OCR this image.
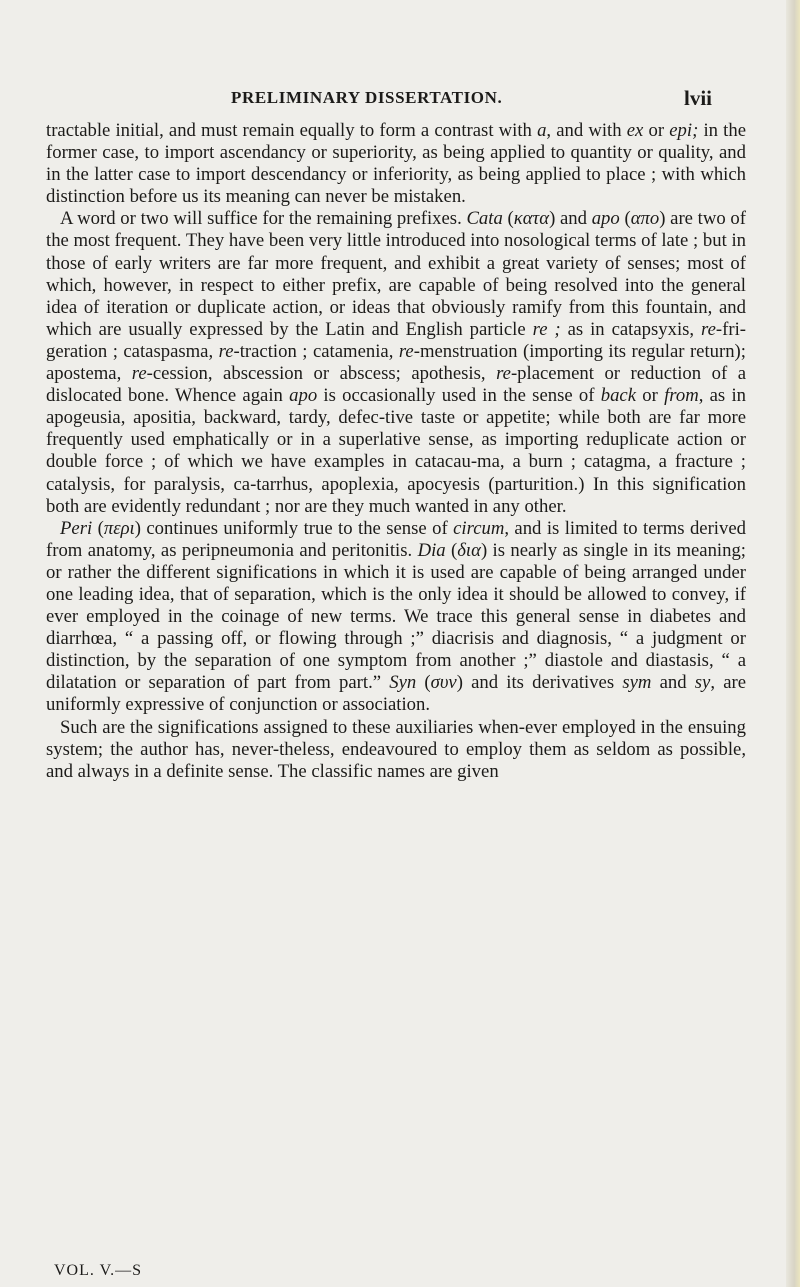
PRELIMINARY DISSERTATION.	lvii

tractable initial, and must remain equally to form a contrast with a, and with ex or epi; in the former case, to import ascendancy or superiority, as being applied to quantity or quality, and in the latter case to import descendancy or inferiority, as being applied to place ; with which distinction before us its meaning can never be mistaken.

A word or two will suffice for the remaining prefixes. Cata (κατα) and apo (απο) are two of the most frequent. They have been very little introduced into nosological terms of late ; but in those of early writers are far more frequent, and exhibit a great variety of senses; most of which, however, in respect to either prefix, are capable of being resolved into the general idea of iteration or duplicate action, or ideas that obviously ramify from this fountain, and which are usually expressed by the Latin and English particle re ; as in catapsyxis, re-fri-geration ; cataspasma, re-traction ; catamenia, re-menstruation (importing its regular return); apostema, re-cession, abscession or abscess; apothesis, re-placement or reduction of a dislocated bone. Whence again apo is occasionally used in the sense of back or from, as in apogeusia, apositia, backward, tardy, defec-tive taste or appetite; while both are far more frequently used emphatically or in a superlative sense, as importing reduplicate action or double force ; of which we have examples in catacau-ma, a burn ; catagma, a fracture ; catalysis, for paralysis, ca-tarrhus, apoplexia, apocyesis (parturition.) In this signification both are evidently redundant ; nor are they much wanted in any other.

Peri (περι) continues uniformly true to the sense of circum, and is limited to terms derived from anatomy, as peripneumonia and peritonitis. Dia (δια) is nearly as single in its meaning; or rather the different significations in which it is used are capable of being arranged under one leading idea, that of separation, which is the only idea it should be allowed to convey, if ever employed in the coinage of new terms. We trace this general sense in diabetes and diarrhœa, “ a passing off, or flowing through ;” diacrisis and diagnosis, “ a judgment or distinction, by the separation of one symptom from another ;” diastole and diastasis, “ a dilatation or separation of part from part.” Syn (συν) and its derivatives sym and sy, are uniformly expressive of conjunction or association.

Such are the significations assigned to these auxiliaries when-ever employed in the ensuing system; the author has, never-theless, endeavoured to employ them as seldom as possible, and always in a definite sense. The classific names are given

VOL. V.—S
